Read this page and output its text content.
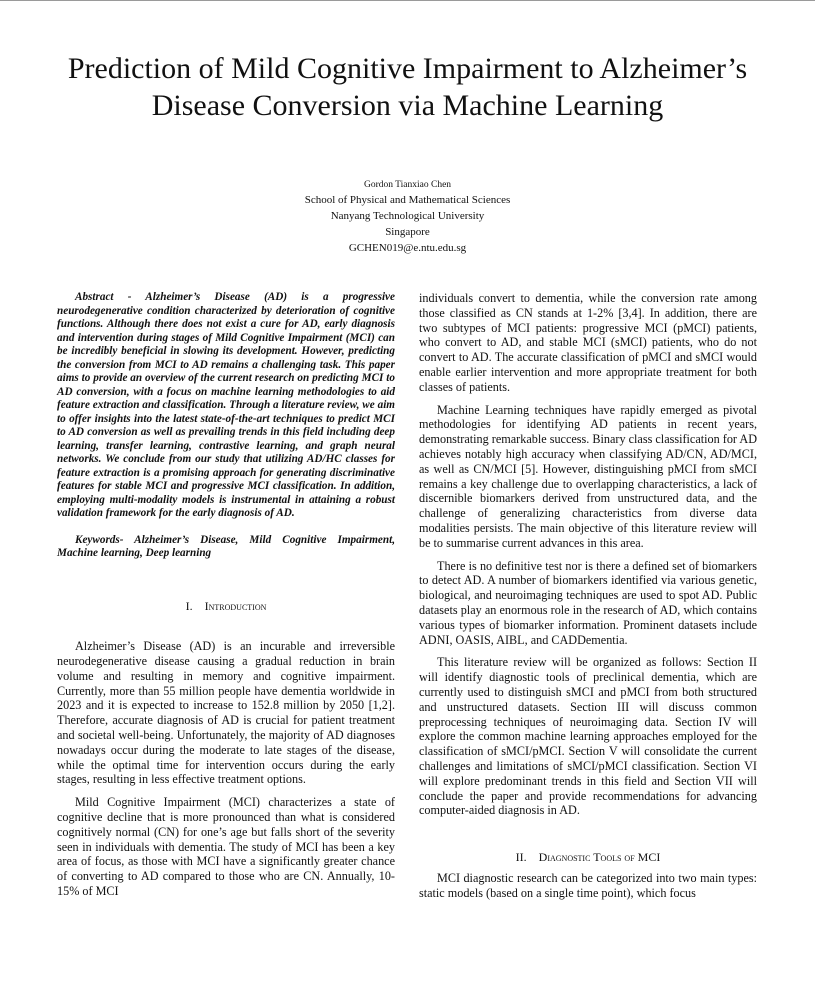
Prediction of Mild Cognitive Impairment to Alzheimer’s Disease Conversion via Machine Learning
Gordon Tianxiao Chen
School of Physical and Mathematical Sciences
Nanyang Technological University
Singapore
GCHEN019@e.ntu.edu.sg

Abstract - Alzheimer’s Disease (AD) is a progressive neurodegenerative condition characterized by deterioration of cognitive functions. Although there does not exist a cure for AD, early diagnosis and intervention during stages of Mild Cognitive Impairment (MCI) can be incredibly beneficial in slowing its development. However, predicting the conversion from MCI to AD remains a challenging task. This paper aims to provide an overview of the current research on predicting MCI to AD conversion, with a focus on machine learning methodologies to aid feature extraction and classification. Through a literature review, we aim to offer insights into the latest state-of-the-art techniques to predict MCI to AD conversion as well as prevailing trends in this field including deep learning, transfer learning, contrastive learning, and graph neural networks. We conclude from our study that utilizing AD/HC classes for feature extraction is a promising approach for generating discriminative features for stable MCI and progressive MCI classification. In addition, employing multi-modality models is instrumental in attaining a robust validation framework for the early diagnosis of AD.

Keywords- Alzheimer’s Disease, Mild Cognitive Impairment, Machine learning, Deep learning

I. Introduction

Alzheimer’s Disease (AD) is an incurable and irreversible neurodegenerative disease causing a gradual reduction in brain volume and resulting in memory and cognitive impairment. Currently, more than 55 million people have dementia worldwide in 2023 and it is expected to increase to 152.8 million by 2050 [1,2]. Therefore, accurate diagnosis of AD is crucial for patient treatment and societal well-being. Unfortunately, the majority of AD diagnoses nowadays occur during the moderate to late stages of the disease, while the optimal time for intervention occurs during the early stages, resulting in less effective treatment options.

Mild Cognitive Impairment (MCI) characterizes a state of cognitive decline that is more pronounced than what is considered cognitively normal (CN) for one’s age but falls short of the severity seen in individuals with dementia. The study of MCI has been a key area of focus, as those with MCI have a significantly greater chance of converting to AD compared to those who are CN. Annually, 10-15% of MCI

individuals convert to dementia, while the conversion rate among those classified as CN stands at 1-2% [3,4]. In addition, there are two subtypes of MCI patients: progressive MCI (pMCI) patients, who convert to AD, and stable MCI (sMCI) patients, who do not convert to AD. The accurate classification of pMCI and sMCI would enable earlier intervention and more appropriate treatment for both classes of patients.

Machine Learning techniques have rapidly emerged as pivotal methodologies for identifying AD patients in recent years, demonstrating remarkable success. Binary class classification for AD achieves notably high accuracy when classifying AD/CN, AD/MCI, as well as CN/MCI [5]. However, distinguishing pMCI from sMCI remains a key challenge due to overlapping characteristics, a lack of discernible biomarkers derived from unstructured data, and the challenge of generalizing characteristics from diverse data modalities persists. The main objective of this literature review will be to summarise current advances in this area.

There is no definitive test nor is there a defined set of biomarkers to detect AD. A number of biomarkers identified via various genetic, biological, and neuroimaging techniques are used to spot AD. Public datasets play an enormous role in the research of AD, which contains various types of biomarker information. Prominent datasets include ADNI, OASIS, AIBL, and CADDementia.

This literature review will be organized as follows: Section II will identify diagnostic tools of preclinical dementia, which are currently used to distinguish sMCI and pMCI from both structured and unstructured datasets. Section III will discuss common preprocessing techniques of neuroimaging data. Section IV will explore the common machine learning approaches employed for the classification of sMCI/pMCI. Section V will consolidate the current challenges and limitations of sMCI/pMCI classification. Section VI will explore predominant trends in this field and Section VII will conclude the paper and provide recommendations for advancing computer-aided diagnosis in AD.

II. Diagnostic Tools of MCI

MCI diagnostic research can be categorized into two main types: static models (based on a single time point), which focus
